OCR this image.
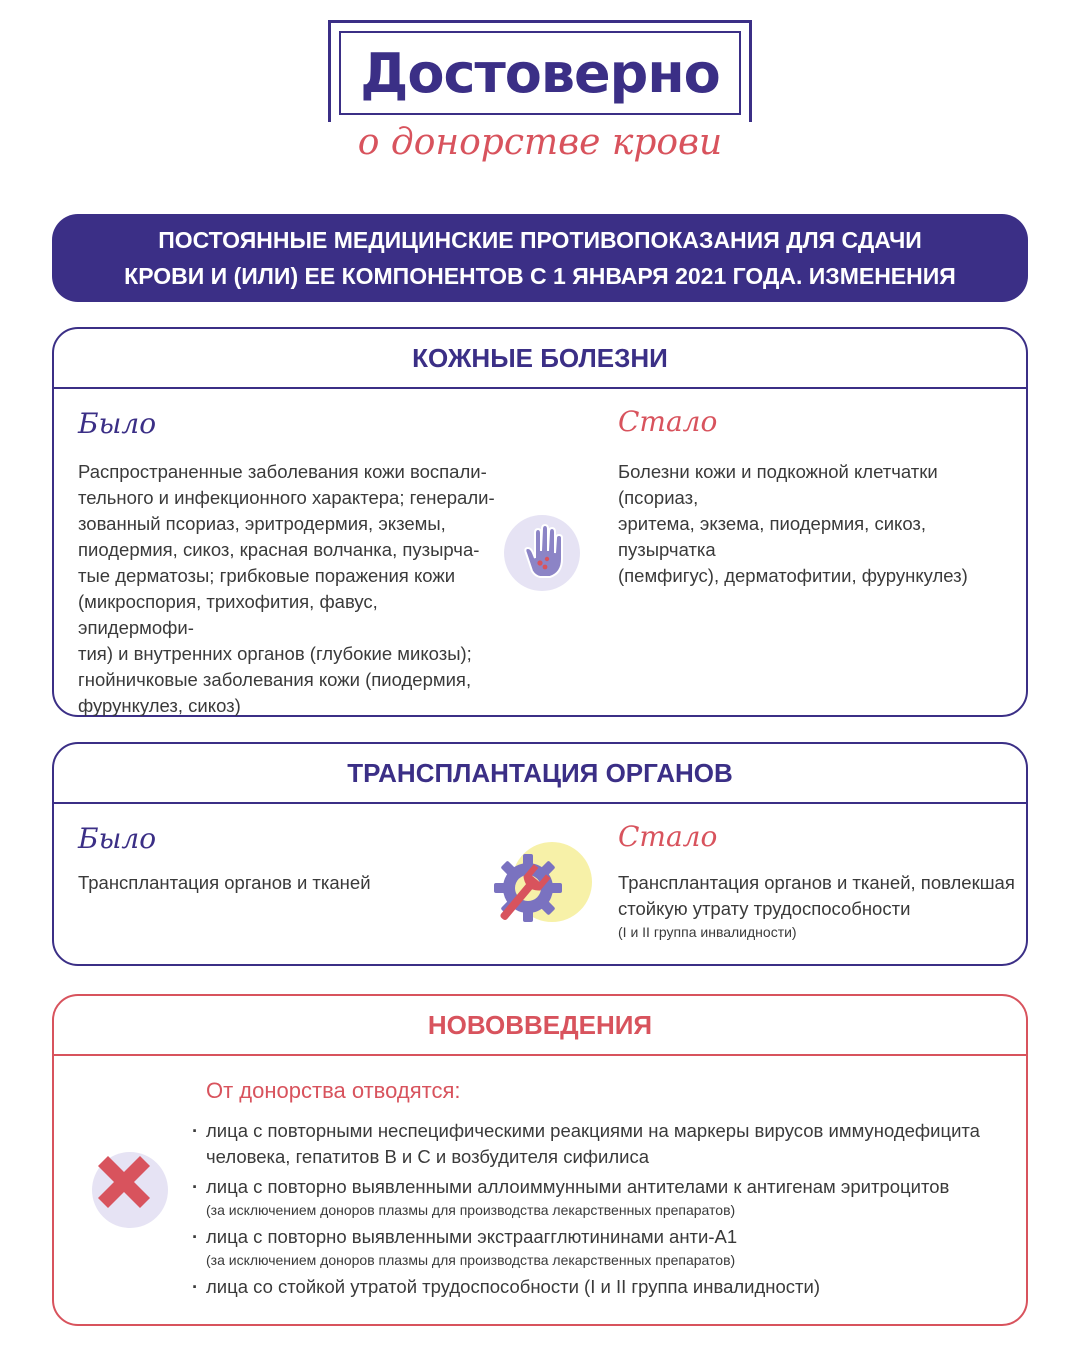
Достоверно
о донорстве крови
ПОСТОЯННЫЕ МЕДИЦИНСКИЕ ПРОТИВОПОКАЗАНИЯ ДЛЯ СДАЧИ
КРОВИ И (ИЛИ) ЕЕ КОМПОНЕНТОВ С 1 ЯНВАРЯ 2021 ГОДА. ИЗМЕНЕНИЯ
КОЖНЫЕ БОЛЕЗНИ
Было
Распространенные заболевания кожи воспали-
тельного и инфекционного характера; генерали-
зованный псориаз, эритродермия, экземы,
пиодермия, сикоз, красная волчанка, пузырча-
тые дерматозы; грибковые поражения кожи
(микроспория, трихофития, фавус, эпидермофи-
тия) и внутренних органов (глубокие микозы);
гнойничковые заболевания кожи (пиодермия,
фурункулез, сикоз)
Стало
Болезни кожи и подкожной клетчатки (псориаз,
эритема, экзема, пиодермия, сикоз, пузырчатка
(пемфигус), дерматофитии, фурункулез)
ТРАНСПЛАНТАЦИЯ ОРГАНОВ
Было
Трансплантация органов и тканей
Стало
Трансплантация органов и тканей, повлекшая
стойкую утрату трудоспособности
(I и II группа инвалидности)
НОВОВВЕДЕНИЯ
От донорства отводятся:
· лица с повторными неспецифическими реакциями на маркеры вирусов иммунодефицита
человека, гепатитов B и C и возбудителя сифилиса
· лица с повторно выявленными аллоиммунными антителами к антигенам эритроцитов
(за исключением доноров плазмы для производства лекарственных препаратов)
· лица с повторно выявленными экстраагглютининами анти-А1
(за исключением доноров плазмы для производства лекарственных препаратов)
· лица со стойкой утратой трудоспособности (I и II группа инвалидности)
